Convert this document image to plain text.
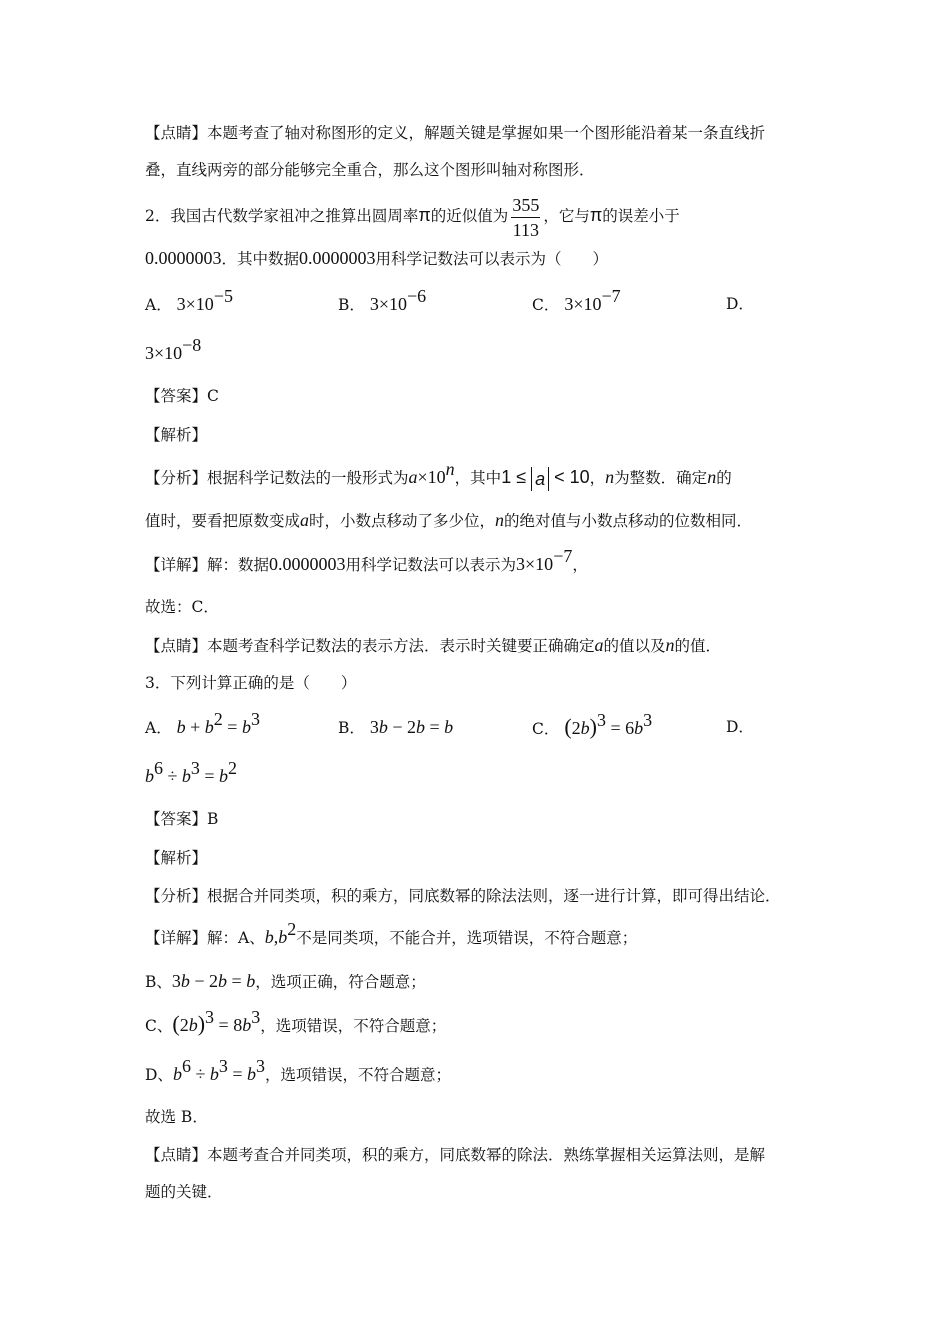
【点睛】本题考查了轴对称图形的定义，解题关键是掌握如果一个图形能沿着某一条直线折
叠，直线两旁的部分能够完全重合，那么这个图形叫轴对称图形．
2．我国古代数学家祖冲之推算出圆周率π的近似值为 $\frac{355}{113}$ ，它与π的误差小于
0.0000003．其中数据0.0000003用科学记数法可以表示为（　　）
A． $3\times 10^{-5}$	B． $3\times 10^{-6}$	C． $3\times 10^{-7}$	D．
$3\times 10^{-8}$
【答案】C
【解析】
【分析】根据科学记数法的一般形式为$a\times 10^n$，其中1 ≤ a < 10，n为整数．确定n的
值时，要看把原数变成a时，小数点移动了多少位，n的绝对值与小数点移动的位数相同．
【详解】解：数据0.0000003用科学记数法可以表示为$3\times 10^{-7}$，
故选：C．
【点睛】本题考查科学记数法的表示方法．表示时关键要正确确定a的值以及n的值．
3．下列计算正确的是（　　）
A． $b + b^2 = b^3$	B． 3b − 2b = b	C． $(2b)^3 = 6b^3$	D．
$b^6 \div b^3 = b^2$
【答案】B
【解析】
【分析】根据合并同类项，积的乘方，同底数幂的除法法则，逐一进行计算，即可得出结论．
【详解】解：A、$b,b^2$不是同类项，不能合并，选项错误，不符合题意；
B、3b − 2b = b，选项正确，符合题意；
C、$(2b)^3 = 8b^3$，选项错误，不符合题意；
D、$b^6 \div b^3 = b^3$，选项错误，不符合题意；
故选 B．
【点睛】本题考查合并同类项，积的乘方，同底数幂的除法．熟练掌握相关运算法则，是解
题的关键．
